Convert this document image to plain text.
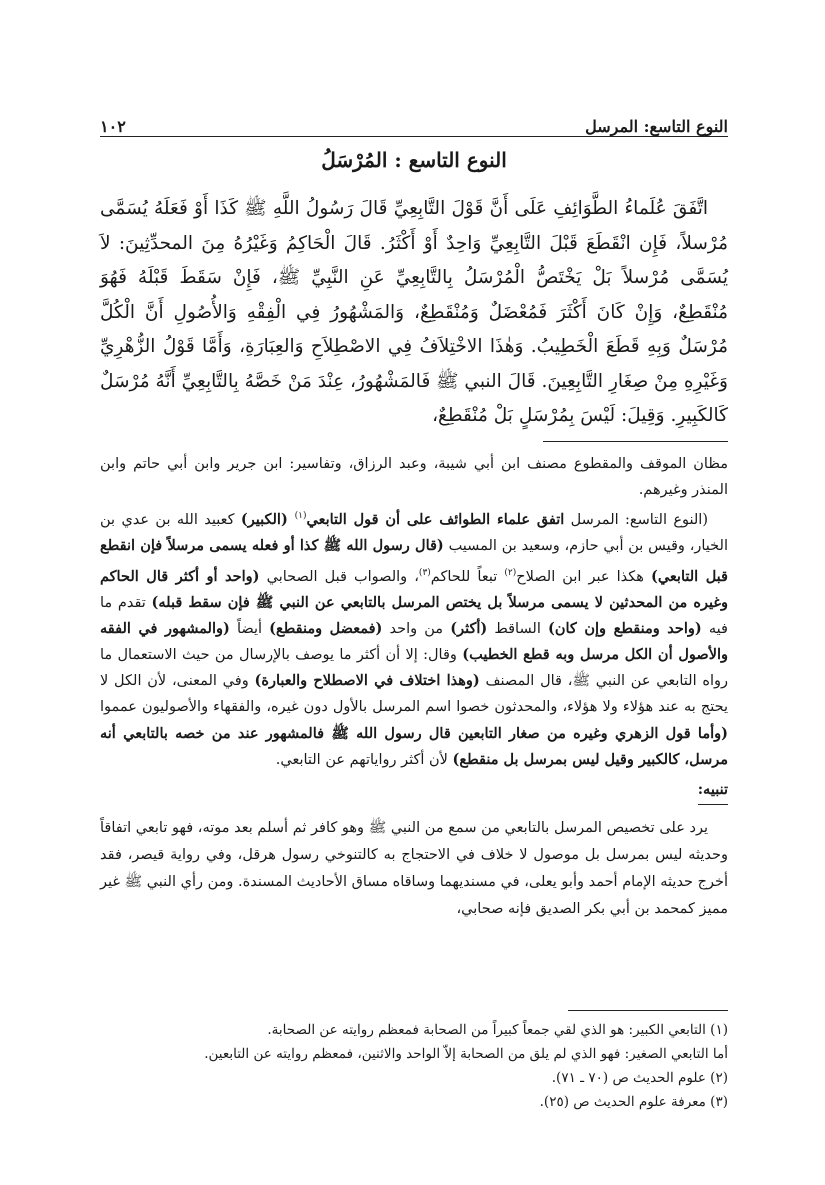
النوع التاسع: المرسل
١٠٢
النوع التاسع : المُرْسَلُ

اتَّفَقَ عُلَماءُ الطَّوَائِفِ عَلَى أَنَّ قَوْلَ التَّابِعِيِّ قَالَ رَسُولُ اللَّهِ ﷺ كَذَا أَوْ فَعَلَهُ يُسَمَّى مُرْسلاً، فَإِن انْقَطَعَ قَبْلَ التَّابِعِيِّ وَاحِدٌ أَوْ أَكْثَرُ. قَالَ الْحَاكِمُ وَغَيْرُهُ مِنَ المحدِّثِينَ: لاَ يُسَمَّى مُرْسلاً بَلْ يَخْتَصُّ الْمُرْسَلُ بِالتَّابِعِيِّ عَنِ النَّبِيِّ ﷺ، فَإِنْ سَقَطَ قَبْلَهُ فَهُوَ مُنْقَطِعٌ، وَإِنْ كَانَ أَكْثَرَ فَمُعْضَلٌ وَمُنْقَطِعٌ، وَالمَشْهُورُ فِي الْفِقْهِ وَالأُصُولِ أَنَّ الْكُلَّ مُرْسَلٌ وَبِهِ قَطَعَ الْخَطِيبُ. وَهٰذَا الاخْتِلاَفُ فِي الاصْطِلاَحِ وَالعِبَارَةِ، وَأَمَّا قَوْلُ الزُّهْرِيِّ وَغَيْرِهِ مِنْ صِغَارِ التَّابِعِينَ. قَالَ النبي ﷺ فَالمَشْهُورُ، عِنْدَ مَنْ خَصَّهُ بِالتَّابِعِيِّ أَنَّهُ مُرْسَلٌ كَالكَبِيرِ. وَقِيلَ: لَيْسَ بِمُرْسَلٍ بَلْ مُنْقَطِعٌ،

مظان الموقف والمقطوع مصنف ابن أبي شيبة، وعبد الرزاق، وتفاسير: ابن جرير وابن أبي حاتم وابن المنذر وغيرهم.

(النوع التاسع: المرسل اتفق علماء الطوائف على أن قول التابعي$^{(١)}$ (الكبير) كعبيد الله بن عدي بن الخيار، وقيس بن أبي حازم، وسعيد بن المسيب (قال رسول الله ﷺ كذا أو فعله يسمى مرسلاً فإن انقطع قبل التابعي) هكذا عبر ابن الصلاح$^{(٢)}$ تبعاً للحاكم$^{(٣)}$، والصواب قبل الصحابي (واحد أو أكثر قال الحاكم وغيره من المحدثين لا يسمى مرسلاً بل يختص المرسل بالتابعي عن النبي ﷺ فإن سقط قبله) تقدم ما فيه (واحد ومنقطع وإن كان) الساقط (أكثر) من واحد (فمعضل ومنقطع) أيضاً (والمشهور في الفقه والأصول أن الكل مرسل وبه قطع الخطيب) وقال: إلا أن أكثر ما يوصف بالإرسال من حيث الاستعمال ما رواه التابعي عن النبي ﷺ، قال المصنف (وهذا اختلاف في الاصطلاح والعبارة) وفي المعنى، لأن الكل لا يحتج به عند هؤلاء ولا هؤلاء، والمحدثون خصوا اسم المرسل بالأول دون غيره، والفقهاء والأصوليون عمموا (وأما قول الزهري وغيره من صغار التابعين قال رسول الله ﷺ فالمشهور عند من خصه بالتابعي أنه مرسل، كالكبير وقيل ليس بمرسل بل منقطع) لأن أكثر رواياتهم عن التابعي.

تنبيه:

يرد على تخصيص المرسل بالتابعي من سمع من النبي ﷺ وهو كافر ثم أسلم بعد موته، فهو تابعي اتفاقاً وحديثه ليس بمرسل بل موصول لا خلاف في الاحتجاج به كالتنوخي رسول هرقل، وفي رواية قيصر، فقد أخرج حديثه الإمام أحمد وأبو يعلى، في مسنديهما وساقاه مساق الأحاديث المسندة. ومن رأي النبي ﷺ غير مميز كمحمد بن أبي بكر الصديق فإنه صحابي،

(١) التابعي الكبير: هو الذي لقي جمعاً كبيراً من الصحابة فمعظم روايته عن الصحابة.
أما التابعي الصغير: فهو الذي لم يلق من الصحابة إلاّ الواحد والاثنين، فمعظم روايته عن التابعين.
(٢) علوم الحديث ص (٧٠ ـ ٧١).
(٣) معرفة علوم الحديث ص (٢٥).
